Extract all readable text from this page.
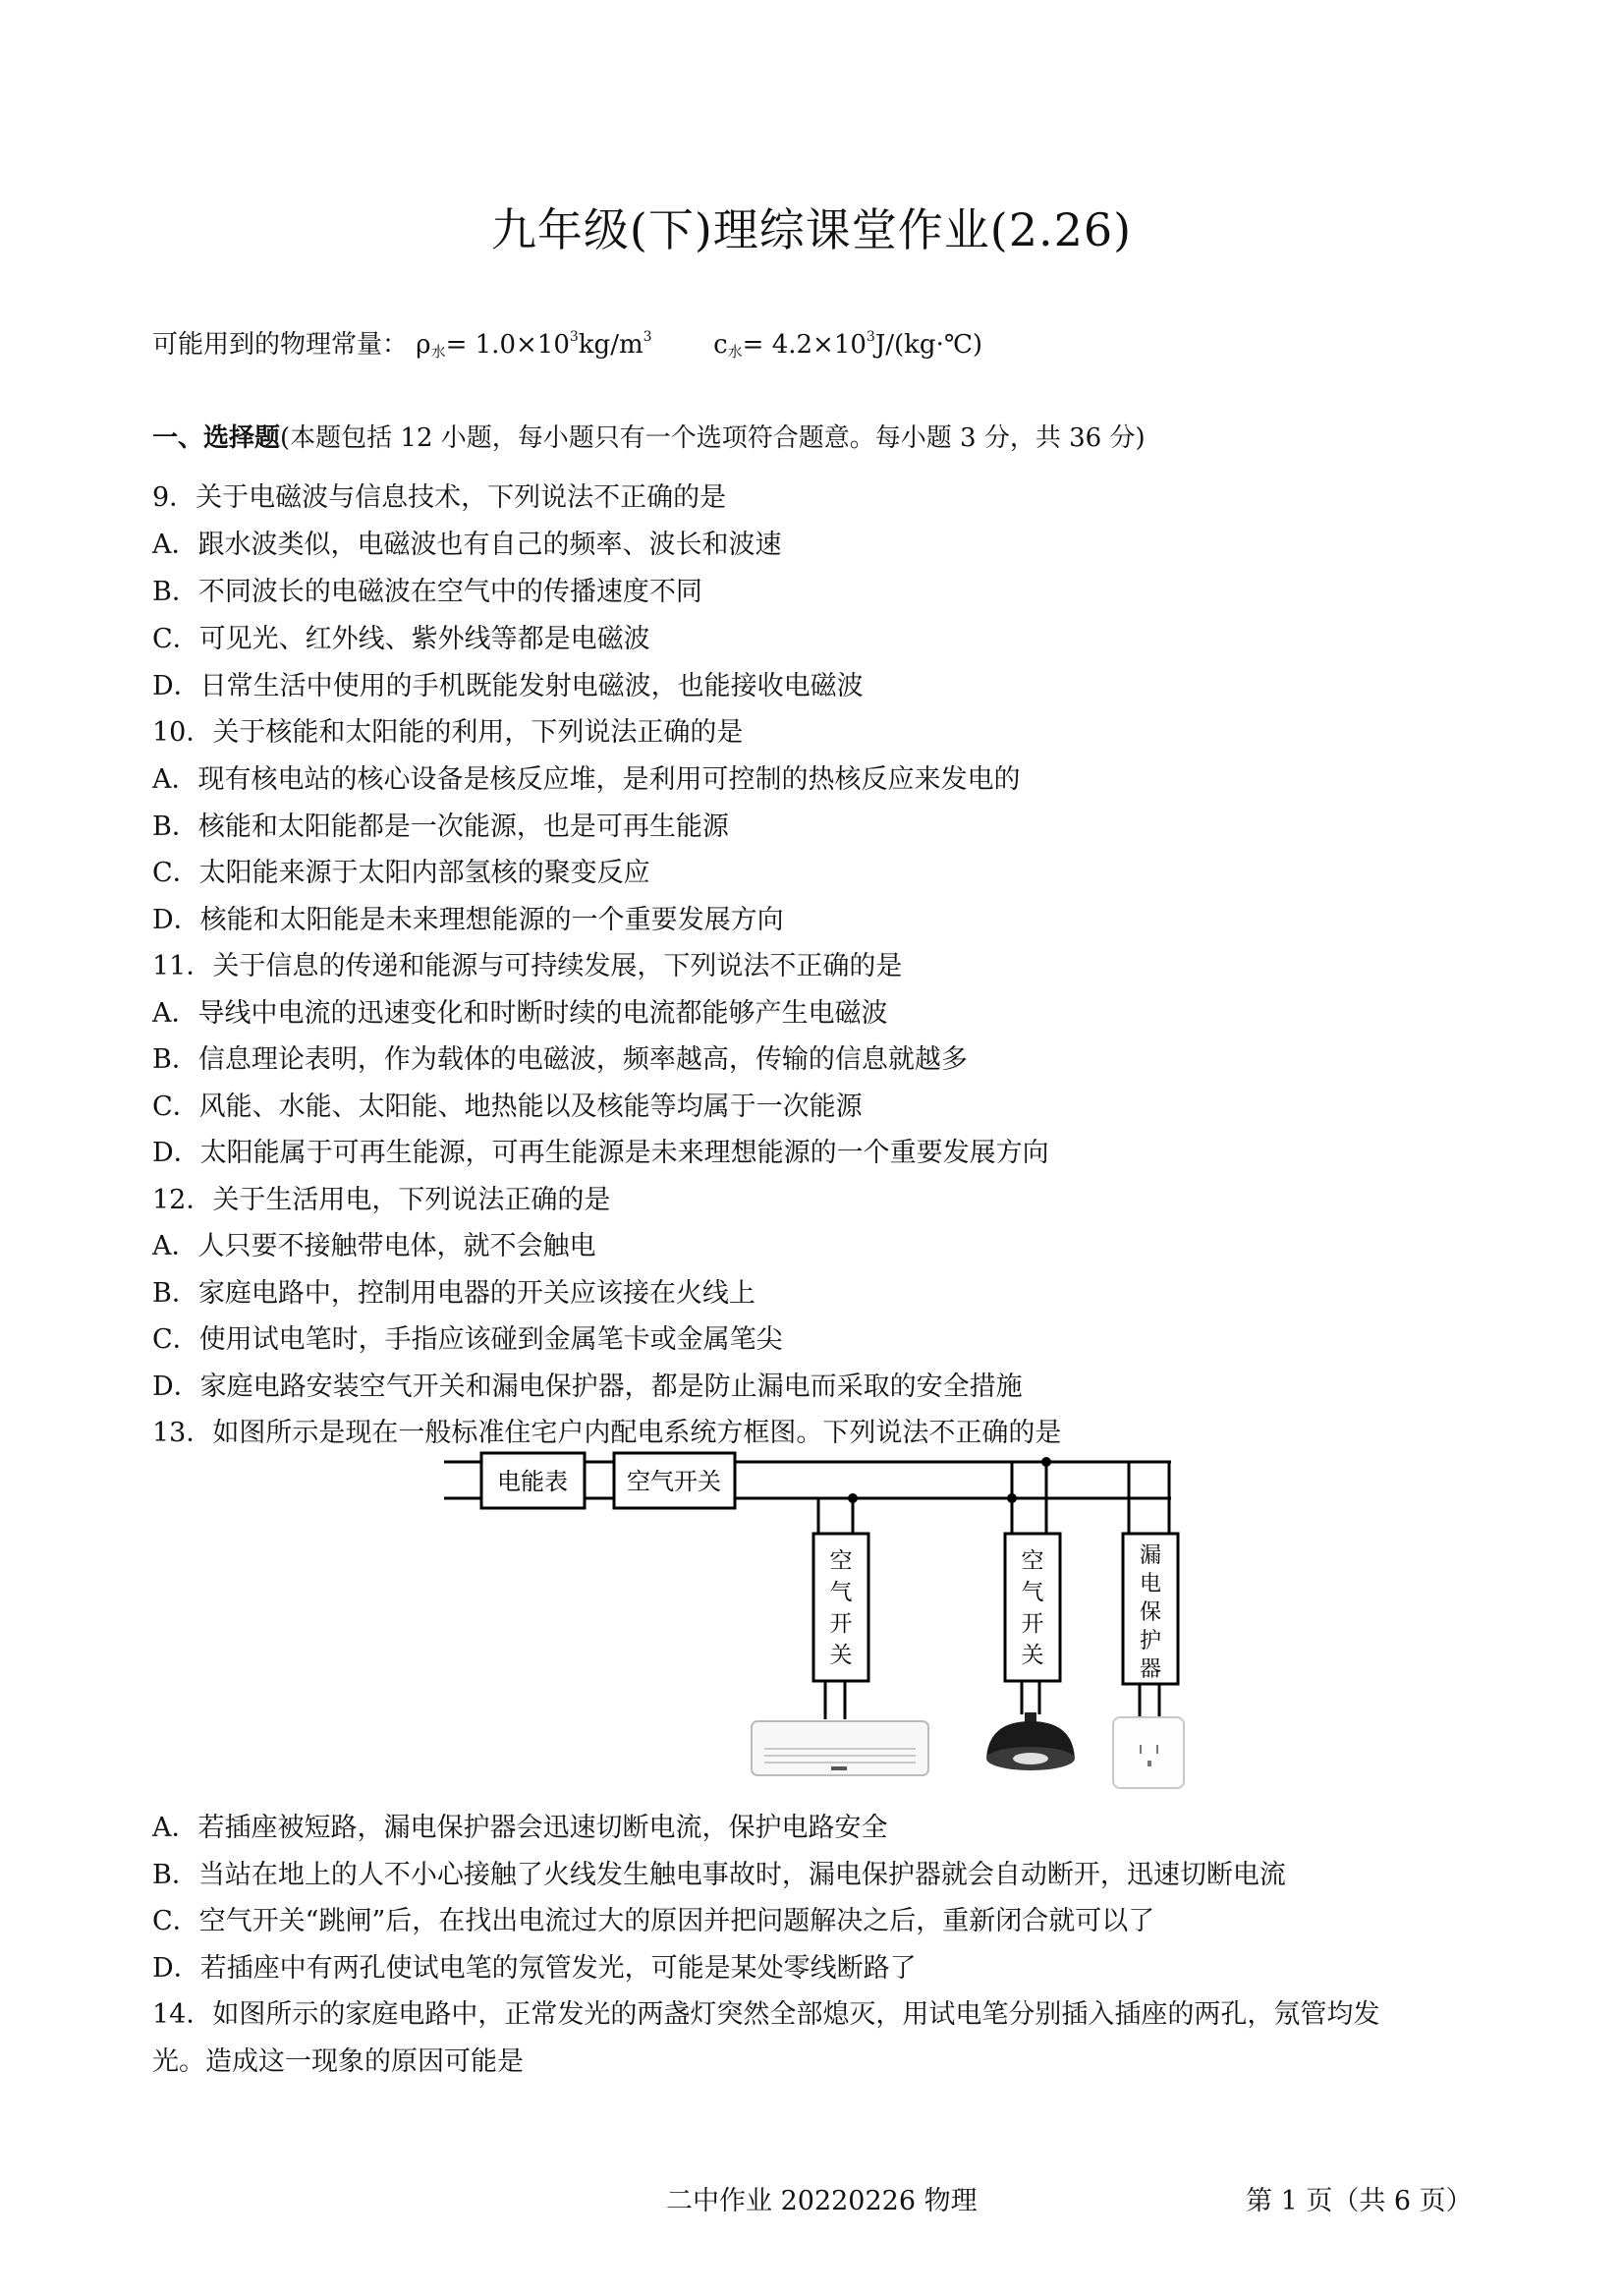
九年级(下)理综课堂作业(2.26)
可能用到的物理常量： $\rho_水= 1.0\times 10^3kg/m^3$ $c_水=$ $4.2\times 10^3J/(kg\cdot℃)$
一、选择题(本题包括 12 小题，每小题只有一个选项符合题意。每小题 3 分，共 36 分)
9．关于电磁波与信息技术，下列说法不正确的是
A．跟水波类似，电磁波也有自己的频率、波长和波速
B．不同波长的电磁波在空气中的传播速度不同
C．可见光、红外线、紫外线等都是电磁波
D．日常生活中使用的手机既能发射电磁波，也能接收电磁波
10．关于核能和太阳能的利用，下列说法正确的是
A．现有核电站的核心设备是核反应堆，是利用可控制的热核反应来发电的
B．核能和太阳能都是一次能源，也是可再生能源
C．太阳能来源于太阳内部氢核的聚变反应
D．核能和太阳能是未来理想能源的一个重要发展方向
11．关于信息的传递和能源与可持续发展，下列说法不正确的是
A．导线中电流的迅速变化和时断时续的电流都能够产生电磁波
B．信息理论表明，作为载体的电磁波，频率越高，传输的信息就越多
C．风能、水能、太阳能、地热能以及核能等均属于一次能源
D．太阳能属于可再生能源，可再生能源是未来理想能源的一个重要发展方向
12．关于生活用电，下列说法正确的是
A．人只要不接触带电体，就不会触电
B．家庭电路中，控制用电器的开关应该接在火线上
C．使用试电笔时，手指应该碰到金属笔卡或金属笔尖
D．家庭电路安装空气开关和漏电保护器，都是防止漏电而采取的安全措施
13．如图所示是现在一般标准住宅户内配电系统方框图。下列说法不正确的是
电能表	空气开关
空
气
开
关
空
气
开
关
漏
电
保
护
器
A．若插座被短路，漏电保护器会迅速切断电流，保护电路安全
B．当站在地上的人不小心接触了火线发生触电事故时，漏电保护器就会自动断开，迅速切断电流
C．空气开关“跳闸”后，在找出电流过大的原因并把问题解决之后，重新闭合就可以了
D．若插座中有两孔使试电笔的氖管发光，可能是某处零线断路了
14．如图所示的家庭电路中，正常发光的两盏灯突然全部熄灭，用试电笔分别插入插座的两孔，氖管均发
光。造成这一现象的原因可能是
二中作业 20220226 物理	第 1 页（共 6 页）
